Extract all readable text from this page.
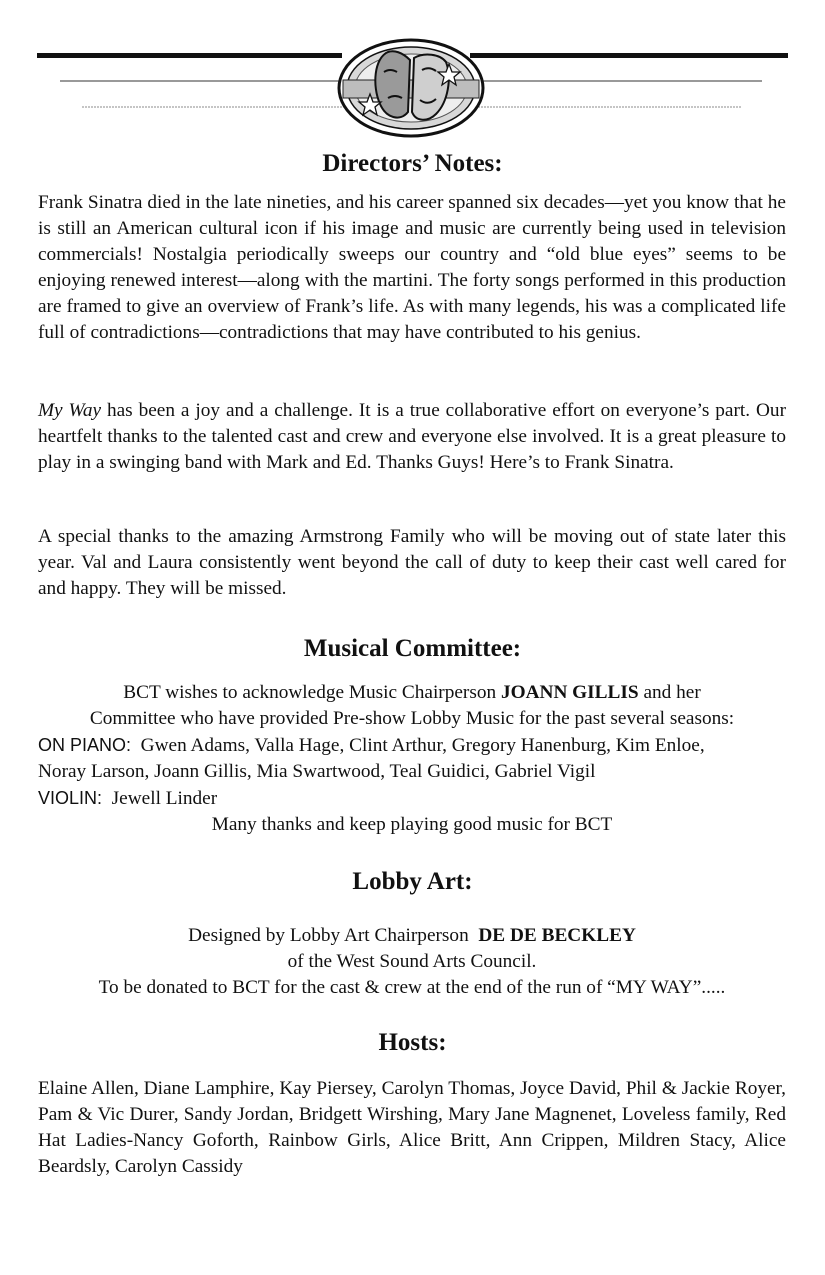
Directors’ Notes:

Frank Sinatra died in the late nineties, and his career spanned six decades—yet you know that he is still an American cultural icon if his image and music are currently being used in television commercials! Nostalgia periodically sweeps our country and “old blue eyes” seems to be enjoying renewed interest—along with the martini. The forty songs performed in this production are framed to give an overview of Frank’s life. As with many legends, his was a complicated life full of contradictions—contradictions that may have contributed to his genius.

My Way has been a joy and a challenge. It is a true collaborative effort on everyone’s part. Our heartfelt thanks to the talented cast and crew and everyone else involved. It is a great pleasure to play in a swinging band with Mark and Ed. Thanks Guys! Here’s to Frank Sinatra.

A special thanks to the amazing Armstrong Family who will be moving out of state later this year. Val and Laura consistently went beyond the call of duty to keep their cast well cared for and happy. They will be missed.

Musical Committee:
BCT wishes to acknowledge Music Chairperson JOANN GILLIS and her
Committee who have provided Pre-show Lobby Music for the past several seasons:
ON PIANO: Gwen Adams, Valla Hage, Clint Arthur, Gregory Hanenburg, Kim Enloe,
Noray Larson, Joann Gillis, Mia Swartwood, Teal Guidici, Gabriel Vigil
VIOLIN: Jewell Linder
Many thanks and keep playing good music for BCT
Lobby Art:
Designed by Lobby Art Chairperson  DE DE BECKLEY
of the West Sound Arts Council.
To be donated to BCT for the cast & crew at the end of the run of “MY WAY”.....
Hosts:

Elaine Allen, Diane Lamphire, Kay Piersey, Carolyn Thomas, Joyce David, Phil & Jackie Royer, Pam & Vic Durer, Sandy Jordan, Bridgett Wirshing, Mary Jane Magnenet, Loveless family, Red Hat Ladies-Nancy Goforth, Rainbow Girls, Alice Britt, Ann Crippen, Mildren Stacy, Alice Beardsly, Carolyn Cassidy
